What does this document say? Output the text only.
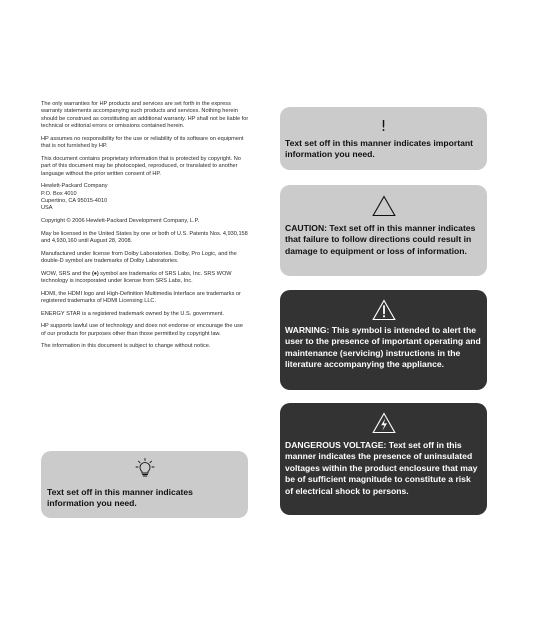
The only warranties for HP products and services are set forth in the express warranty statements accompanying such products and services. Nothing herein should be construed as constituting an additional warranty. HP shall not be liable for technical or editorial errors or omissions contained herein.

HP assumes no responsibility for the use or reliability of its software on equipment that is not furnished by HP.

This document contains proprietary information that is protected by copyright. No part of this document may be photocopied, reproduced, or translated to another language without the prior written consent of HP.

Hewlett-Packard Company
P.O. Box 4010
Cupertino, CA 95015-4010
USA

Copyright © 2006 Hewlett-Packard Development Company, L.P.

May be licensed in the United States by one or both of U.S. Patents Nos. 4,930,158 and 4,930,160 until August 28, 2008.

Manufactured under license from Dolby Laboratories. Dolby, Pro Logic, and the double-D symbol are trademarks of Dolby Laboratories.

WOW, SRS and the (●) symbol are trademarks of SRS Labs, Inc. SRS WOW technology is incorporated under license from SRS Labs, Inc.

HDMI, the HDMI logo and High-Definition Multimedia Interface are trademarks or registered trademarks of HDMI Licensing LLC.

ENERGY STAR is a registered trademark owned by the U.S. government.

HP supports lawful use of technology and does not endorse or encourage the use of our products for purposes other than those permitted by copyright law.

The information in this document is subject to change without notice.

Text set off in this manner indicates information you need.
!
Text set off in this manner indicates important information you need.
CAUTION: Text set off in this manner indicates that failure to follow directions could result in damage to equipment or loss of information.
WARNING: This symbol is intended to alert the user to the presence of important operating and maintenance (servicing) instructions in the literature accompanying the appliance.
DANGEROUS VOLTAGE: Text set off in this manner indicates the presence of uninsulated voltages within the product enclosure that may be of sufficient magnitude to constitute a risk of electrical shock to persons.
